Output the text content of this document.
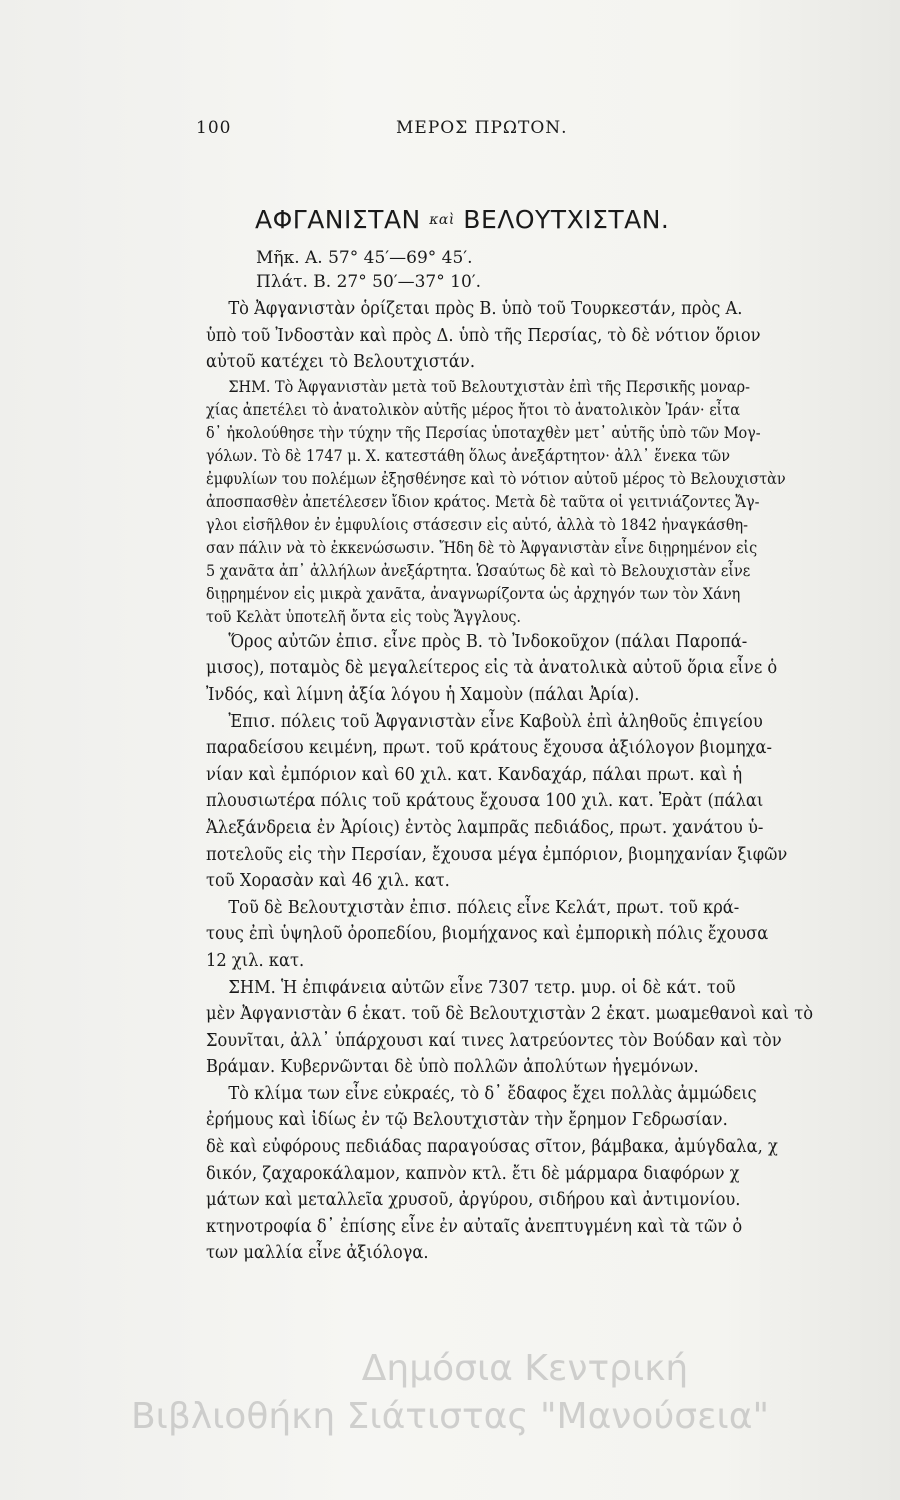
100	ΜΕΡΟΣ ΠΡΩΤΟΝ.
ΑΦΓΑΝΙΣΤΑΝ καὶ ΒΕΛΟΥΤΧΙΣΤΑΝ.
Μῆκ. Α. 57° 45′—69° 45′.
Πλάτ. Β. 27° 50′—37° 10′.
Τὸ Ἀφγανιστὰν ὁρίζεται πρὸς Β. ὑπὸ τοῦ Τουρκεστάν, πρὸς Α.
ὑπὸ τοῦ Ἰνδοστὰν καὶ πρὸς Δ. ὑπὸ τῆς Περσίας, τὸ δὲ νότιον ὅριον
αὐτοῦ κατέχει τὸ Βελουτχιστάν.
ΣΗΜ. Τὸ Ἀφγανιστὰν μετὰ τοῦ Βελουτχιστὰν ἐπὶ τῆς Περσικῆς μοναρ-
χίας ἀπετέλει τὸ ἀνατολικὸν αὐτῆς μέρος ἤτοι τὸ ἀνατολικὸν Ἰράν· εἶτα
δ᾽ ἠκολούθησε τὴν τύχην τῆς Περσίας ὑποταχθὲν μετ᾽ αὐτῆς ὑπὸ τῶν Μογ-
γόλων. Τὸ δὲ 1747 μ. Χ. κατεστάθη ὅλως ἀνεξάρτητον· ἀλλ᾽ ἕνεκα τῶν
ἐμφυλίων του πολέμων ἐξησθένησε καὶ τὸ νότιον αὐτοῦ μέρος τὸ Βελουχιστὰν
ἀποσπασθὲν ἀπετέλεσεν ἴδιον κράτος. Μετὰ δὲ ταῦτα οἱ γειτνιάζοντες Ἄγ-
γλοι εἰσῆλθον ἐν ἐμφυλίοις στάσεσιν εἰς αὐτό, ἀλλὰ τὸ 1842 ἠναγκάσθη-
σαν πάλιν νὰ τὸ ἐκκενώσωσιν. Ἤδη δὲ τὸ Ἀφγανιστὰν εἶνε διῃρημένον εἰς
5 χανᾶτα ἀπ᾽ ἀλλήλων ἀνεξάρτητα. Ὡσαύτως δὲ καὶ τὸ Βελουχιστὰν εἶνε
διῃρημένον εἰς μικρὰ χανᾶτα, ἀναγνωρίζοντα ὡς ἀρχηγόν των τὸν Χάνη
τοῦ Κελὰτ ὑποτελῆ ὄντα εἰς τοὺς Ἄγγλους.
Ὅρος αὐτῶν ἐπισ. εἶνε πρὸς Β. τὸ Ἰνδοκοῦχον (πάλαι Παροπά-
μισος), ποταμὸς δὲ μεγαλείτερος εἰς τὰ ἀνατολικὰ αὐτοῦ ὅρια εἶνε ὁ
Ἰνδός, καὶ λίμνη ἀξία λόγου ἡ Χαμοὺν (πάλαι Ἀρία).
Ἐπισ. πόλεις τοῦ Ἀφγανιστὰν εἶνε Καβοὺλ ἐπὶ ἀληθοῦς ἐπιγείου
παραδείσου κειμένη, πρωτ. τοῦ κράτους ἔχουσα ἀξιόλογον βιομηχα-
νίαν καὶ ἐμπόριον καὶ 60 χιλ. κατ. Κανδαχάρ, πάλαι πρωτ. καὶ ἡ
πλουσιωτέρα πόλις τοῦ κράτους ἔχουσα 100 χιλ. κατ. Ἐρὰτ (πάλαι
Ἀλεξάνδρεια ἐν Ἀρίοις) ἐντὸς λαμπρᾶς πεδιάδος, πρωτ. χανάτου ὑ-
ποτελοῦς εἰς τὴν Περσίαν, ἔχουσα μέγα ἐμπόριον, βιομηχανίαν ξιφῶν
τοῦ Χορασὰν καὶ 46 χιλ. κατ.
Τοῦ δὲ Βελουτχιστὰν ἐπισ. πόλεις εἶνε Κελάτ, πρωτ. τοῦ κρά-
τους ἐπὶ ὑψηλοῦ ὀροπεδίου, βιομήχανος καὶ ἐμπορικὴ πόλις ἔχουσα
12 χιλ. κατ.
ΣΗΜ. Ἡ ἐπιφάνεια αὐτῶν εἶνε 7307 τετρ. μυρ. οἱ δὲ κάτ. τοῦ
μὲν Ἀφγανιστὰν 6 ἑκατ. τοῦ δὲ Βελουτχιστὰν 2 ἑκατ. μωαμεθανοὶ καὶ τὸ
Σουνῖται, ἀλλ᾽ ὑπάρχουσι καί τινες λατρεύοντες τὸν Βούδαν καὶ τὸν
Βράμαν. Κυβερνῶνται δὲ ὑπὸ πολλῶν ἀπολύτων ἡγεμόνων.
Τὸ κλίμα των εἶνε εὐκραές, τὸ δ᾽ ἔδαφος ἔχει πολλὰς ἀμμώδεις
ἐρήμους καὶ ἰδίως ἐν τῷ Βελουτχιστὰν τὴν ἔρημον Γεδρωσίαν.
δὲ καὶ εὐφόρους πεδιάδας παραγούσας σῖτον, βάμβακα, ἀμύγδαλα, χ
δικόν, ζαχαροκάλαμον, καπνὸν κτλ. ἔτι δὲ μάρμαρα διαφόρων χ
μάτων καὶ μεταλλεῖα χρυσοῦ, ἀργύρου, σιδήρου καὶ ἀντιμονίου.
κτηνοτροφία δ᾽ ἐπίσης εἶνε ἐν αὐταῖς ἀνεπτυγμένη καὶ τὰ τῶν ὀ
των μαλλία εἶνε ἀξιόλογα.
Δημόσια Κεντρική
Βιβλιοθήκη Σιάτιστας "Μανούσεια"
